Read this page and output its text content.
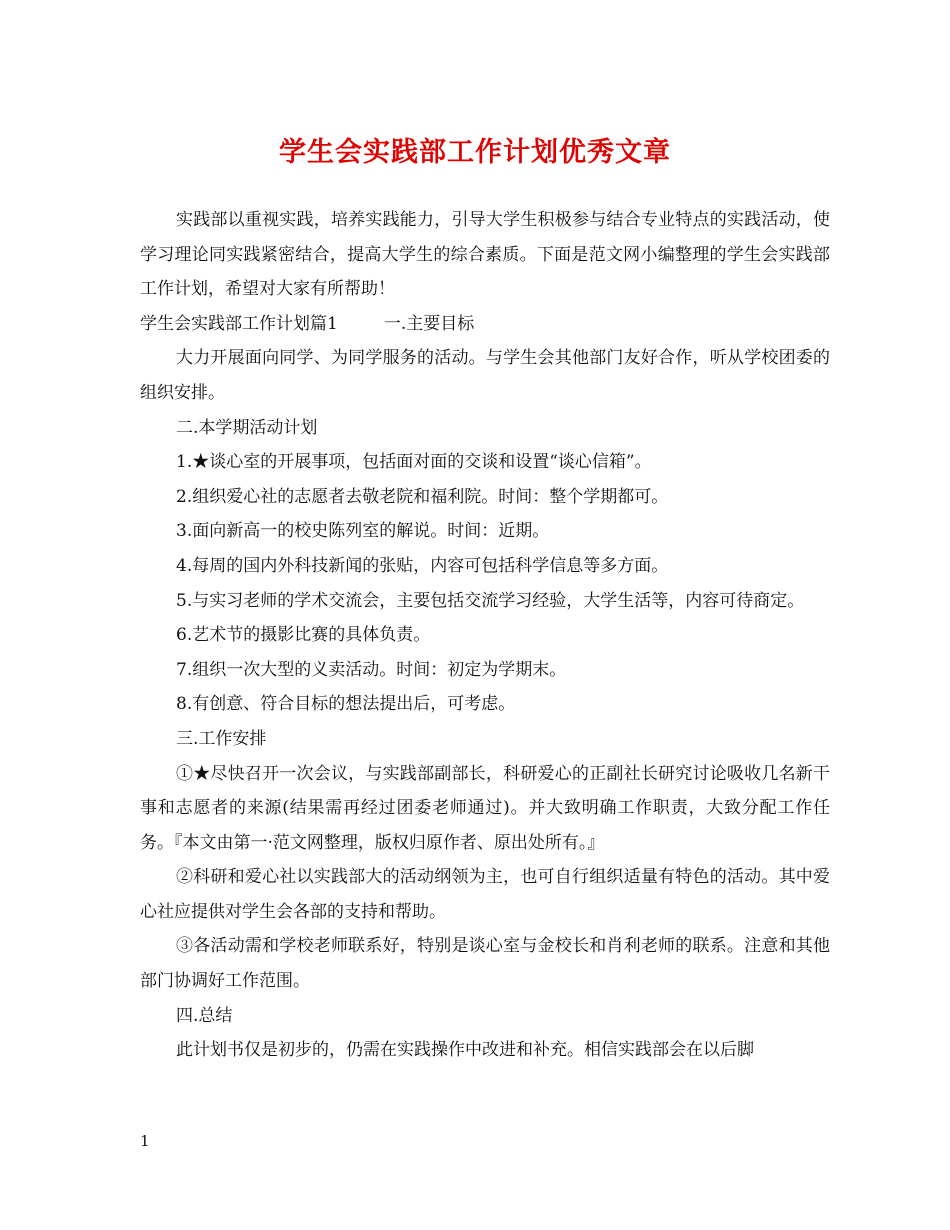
学生会实践部工作计划优秀文章

实践部以重视实践，培养实践能力，引导大学生积极参与结合专业特点的实践活动，使学习理论同实践紧密结合，提高大学生的综合素质。下面是范文网小编整理的学生会实践部工作计划，希望对大家有所帮助！

学生会实践部工作计划篇1	一.主要目标

大力开展面向同学、为同学服务的活动。与学生会其他部门友好合作，听从学校团委的组织安排。

二.本学期活动计划

1.★谈心室的开展事项，包括面对面的交谈和设置“谈心信箱”。

2.组织爱心社的志愿者去敬老院和福利院。时间：整个学期都可。

3.面向新高一的校史陈列室的解说。时间：近期。

4.每周的国内外科技新闻的张贴，内容可包括科学信息等多方面。

5.与实习老师的学术交流会，主要包括交流学习经验，大学生活等，内容可待商定。

6.艺术节的摄影比赛的具体负责。

7.组织一次大型的义卖活动。时间：初定为学期末。

8.有创意、符合目标的想法提出后，可考虑。

三.工作安排

①★尽快召开一次会议，与实践部副部长，科研爱心的正副社长研究讨论吸收几名新干事和志愿者的来源(结果需再经过团委老师通过)。并大致明确工作职责，大致分配工作任务。『本文由第一·范文网整理，版权归原作者、原出处所有。』

②科研和爱心社以实践部大的活动纲领为主，也可自行组织适量有特色的活动。其中爱心社应提供对学生会各部的支持和帮助。

③各活动需和学校老师联系好，特别是谈心室与金校长和肖利老师的联系。注意和其他部门协调好工作范围。

四.总结

此计划书仅是初步的，仍需在实践操作中改进和补充。相信实践部会在以后脚

1
